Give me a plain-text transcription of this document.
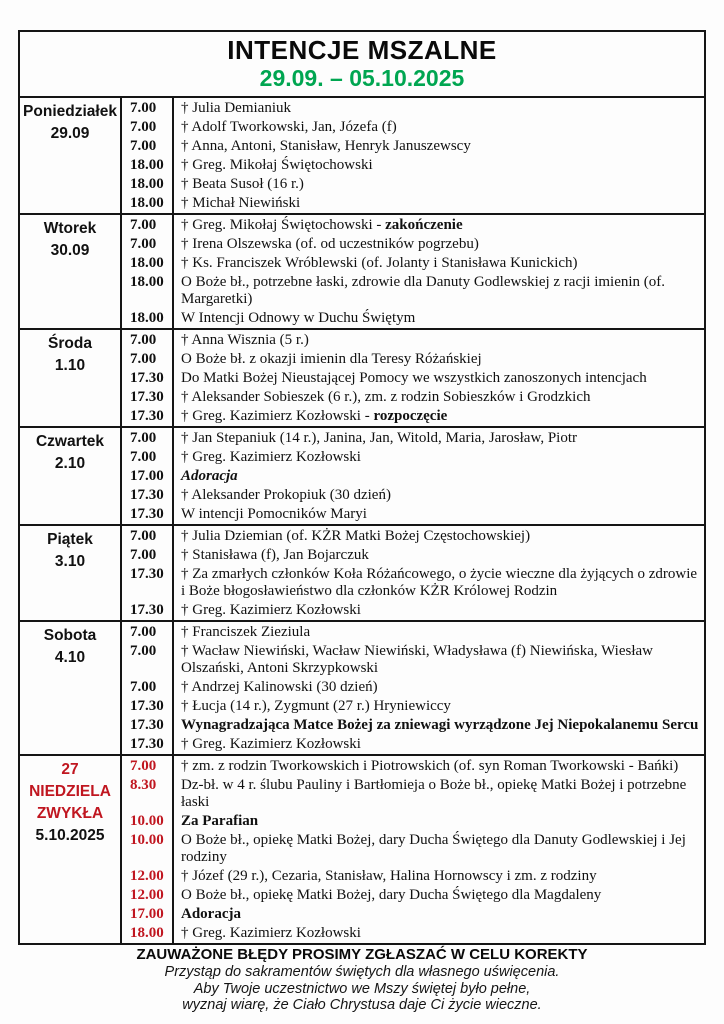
INTENCJE MSZALNE
29.09. – 05.10.2025
Poniedziałek
29.09
7.00	† Julia Demianiuk
7.00	† Adolf Tworkowski, Jan, Józefa (f)
7.00	† Anna, Antoni, Stanisław, Henryk Januszewscy
18.00	† Greg. Mikołaj Świętochowski
18.00	† Beata Susoł (16 r.)
18.00	† Michał Niewiński
Wtorek
30.09
7.00	† Greg. Mikołaj Świętochowski - zakończenie
7.00	† Irena Olszewska (of. od uczestników pogrzebu)
18.00	† Ks. Franciszek Wróblewski (of. Jolanty i Stanisława Kunickich)
18.00	O Boże bł., potrzebne łaski, zdrowie dla Danuty Godlewskiej z racji imienin (of. Margaretki)
18.00	W Intencji Odnowy w Duchu Świętym
Środa
1.10
7.00	† Anna Wisznia (5 r.)
7.00	O Boże bł. z okazji imienin dla Teresy Różańskiej
17.30	Do Matki Bożej Nieustającej Pomocy we wszystkich zanoszonych intencjach
17.30	† Aleksander Sobieszek (6 r.), zm. z rodzin Sobieszków i Grodzkich
17.30	† Greg. Kazimierz Kozłowski - rozpoczęcie
Czwartek
2.10
7.00	† Jan Stepaniuk (14 r.), Janina, Jan, Witold, Maria, Jarosław, Piotr
7.00	† Greg. Kazimierz Kozłowski
17.00	Adoracja
17.30	† Aleksander Prokopiuk (30 dzień)
17.30	W intencji Pomocników Maryi
Piątek
3.10
7.00	† Julia Dziemian (of. KŻR Matki Bożej Częstochowskiej)
7.00	† Stanisława (f), Jan Bojarczuk
17.30	† Za zmarłych członków Koła Różańcowego, o życie wieczne dla żyjących o zdrowie i Boże błogosławieństwo dla członków KŻR Królowej Rodzin
17.30	† Greg. Kazimierz Kozłowski
Sobota
4.10
7.00	† Franciszek Zieziula
7.00	† Wacław Niewiński, Wacław Niewiński, Władysława (f) Niewińska, Wiesław Olszański, Antoni Skrzypkowski
7.00	† Andrzej Kalinowski (30 dzień)
17.30	† Łucja (14 r.), Zygmunt (27 r.) Hryniewiccy
17.30	Wynagradzająca Matce Bożej za zniewagi wyrządzone Jej Niepokalanemu Sercu
17.30	† Greg. Kazimierz Kozłowski
27
NIEDZIELA
ZWYKŁA
5.10.2025
7.00	† zm. z rodzin Tworkowskich i Piotrowskich (of. syn Roman Tworkowski - Bańki)
8.30	Dz-bł. w 4 r. ślubu Pauliny i Bartłomieja o Boże bł., opiekę Matki Bożej i potrzebne łaski
10.00	Za Parafian
10.00	O Boże bł., opiekę Matki Bożej, dary Ducha Świętego dla Danuty Godlewskiej i Jej rodziny
12.00	† Józef (29 r.), Cezaria, Stanisław, Halina Hornowscy i zm. z rodziny
12.00	O Boże bł., opiekę Matki Bożej, dary Ducha Świętego dla Magdaleny
17.00	Adoracja
18.00	† Greg. Kazimierz Kozłowski
ZAUWAŻONE BŁĘDY PROSIMY ZGŁASZAĆ W CELU KOREKTY
Przystąp do sakramentów świętych dla własnego uświęcenia.
Aby Twoje uczestnictwo we Mszy świętej było pełne,
wyznaj wiarę, że Ciało Chrystusa daje Ci życie wieczne.
